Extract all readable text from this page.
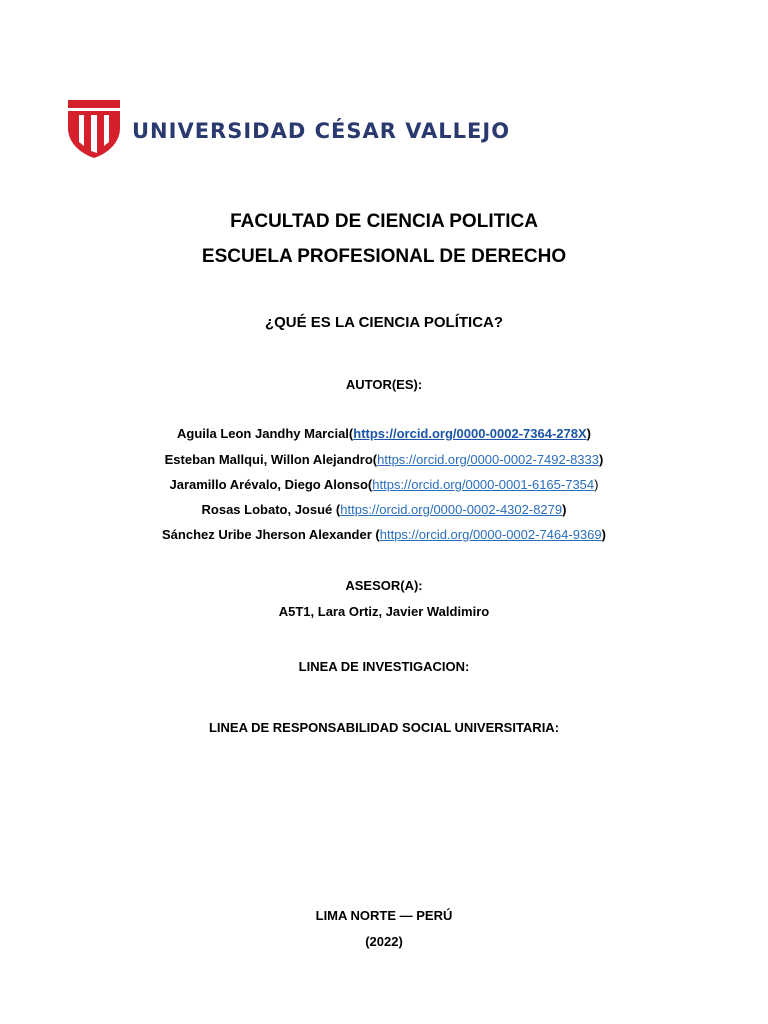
UNIVERSIDAD CÉSAR VALLEJO
FACULTAD DE CIENCIA POLITICA
ESCUELA PROFESIONAL DE DERECHO
¿QUÉ ES LA CIENCIA POLÍTICA?
AUTOR(ES):
Aguila Leon Jandhy Marcial(https://orcid.org/0000-0002-7364-278X)
Esteban Mallqui, Willon Alejandro(https://orcid.org/0000-0002-7492-8333)
Jaramillo Arévalo, Diego Alonso(https://orcid.org/0000-0001-6165-7354)
Rosas Lobato, Josué (https://orcid.org/0000-0002-4302-8279)
Sánchez Uribe Jherson Alexander (https://orcid.org/0000-0002-7464-9369)
ASESOR(A):
A5T1, Lara Ortiz, Javier Waldimiro
LINEA DE INVESTIGACION:
LINEA DE RESPONSABILIDAD SOCIAL UNIVERSITARIA:
LIMA NORTE — PERÚ
(2022)
